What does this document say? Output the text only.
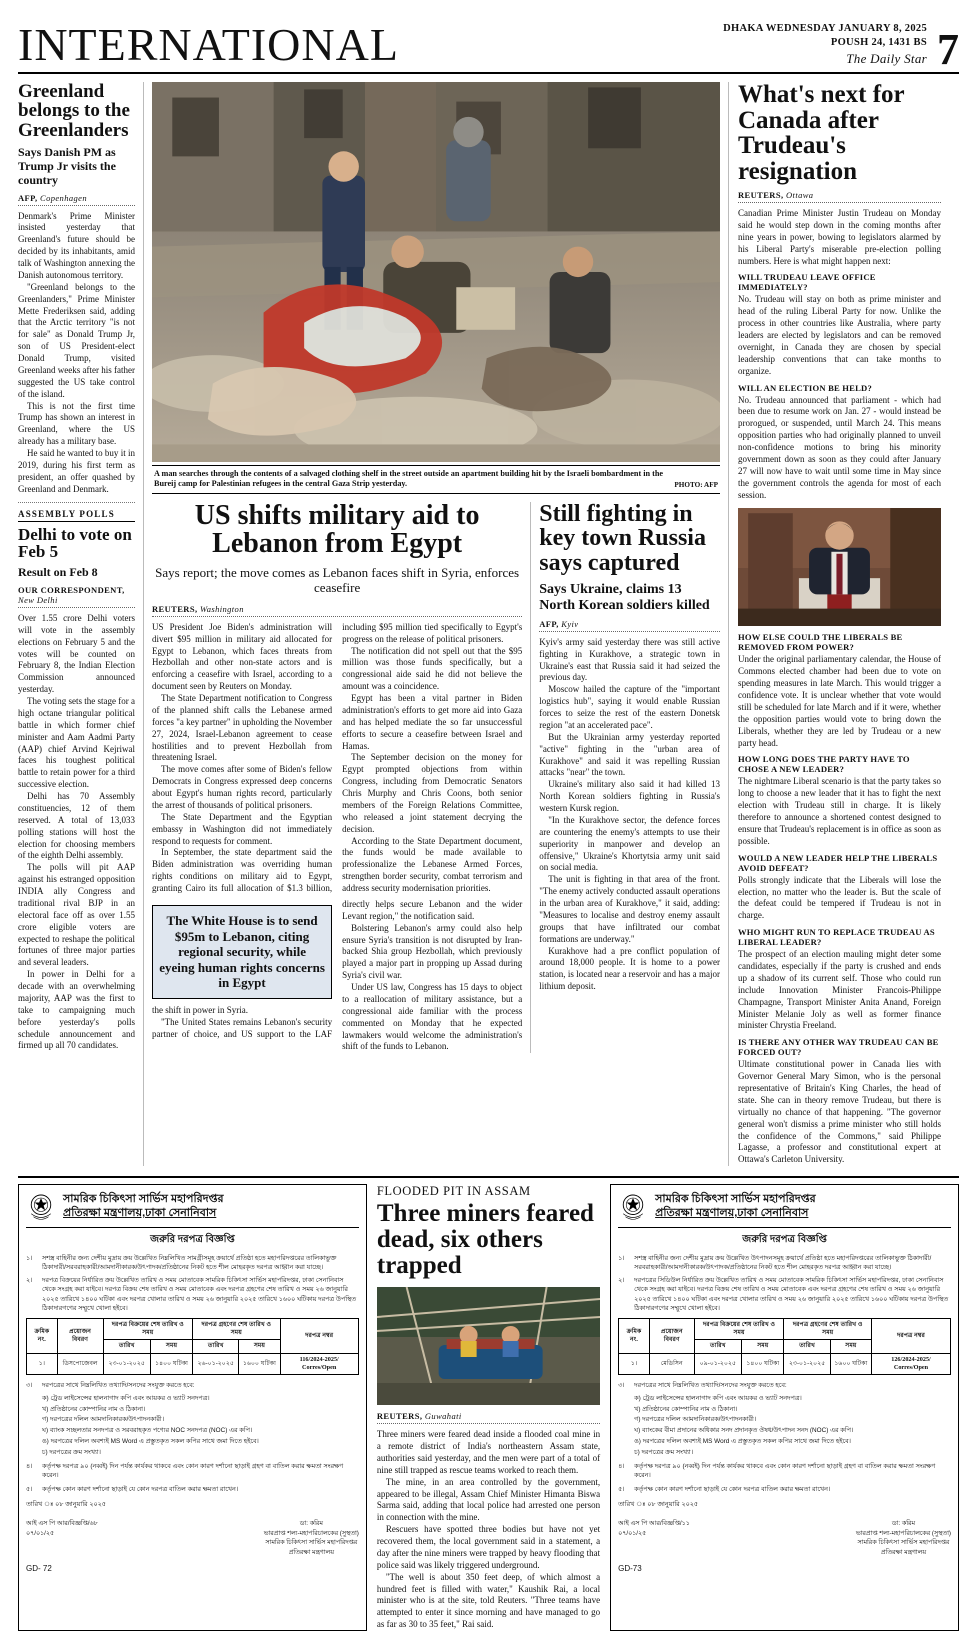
INTERNATIONAL	DHAKA WEDNESDAY JANUARY 8, 2025
POUSH 24, 1431 BS
The Daily Star 7
Greenland belongs to the Greenlanders
Says Danish PM as Trump Jr visits the country
AFP, Copenhagen

Denmark's Prime Minister insisted yesterday that Greenland's future should be decided by its inhabitants, amid talk of Washington annexing the Danish autonomous territory.

"Greenland belongs to the Greenlanders," Prime Minister Mette Frederiksen said, adding that the Arctic territory "is not for sale" as Donald Trump Jr, son of US President-elect Donald Trump, visited Greenland weeks after his father suggested the US take control of the island.

This is not the first time Trump has shown an interest in Greenland, where the US already has a military base.

He said he wanted to buy it in 2019, during his first term as president, an offer quashed by Greenland and Denmark.

ASSEMBLY POLLS
Delhi to vote on Feb 5
Result on Feb 8
OUR CORRESPONDENT, New Delhi

Over 1.55 crore Delhi voters will vote in the assembly elections on February 5 and the votes will be counted on February 8, the Indian Election Commission announced yesterday.

The voting sets the stage for a high octane triangular political battle in which former chief minister and Aam Aadmi Party (AAP) chief Arvind Kejriwal faces his toughest political battle to retain power for a third successive election.

Delhi has 70 Assembly constituencies, 12 of them reserved. A total of 13,033 polling stations will host the election for choosing members of the eighth Delhi assembly.

The polls will pit AAP against his estranged opposition INDIA ally Congress and traditional rival BJP in an electoral face off as over 1.55 crore eligible voters are expected to reshape the political fortunes of three major parties and several leaders.

In power in Delhi for a decade with an overwhelming majority, AAP was the first to take to campaigning much before yesterday's polls schedule announcement and firmed up all 70 candidates.

A man searches through the contents of a salvaged clothing shelf in the street outside an apartment building hit by the Israeli bombardment in the Bureij camp for Palestinian refugees in the central Gaza Strip yesterday.	PHOTO: AFP
US shifts military aid to Lebanon from Egypt
Says report; the move comes as Lebanon faces shift in Syria, enforces ceasefire
REUTERS, Washington

US President Joe Biden's administration will divert $95 million in military aid allocated for Egypt to Lebanon, which faces threats from Hezbollah and other non-state actors and is enforcing a ceasefire with Israel, according to a document seen by Reuters on Monday.

The State Department notification to Congress of the planned shift calls the Lebanese armed forces "a key partner" in upholding the November 27, 2024, Israel-Lebanon agreement to cease hostilities and to prevent Hezbollah from threatening Israel.

The move comes after some of Biden's fellow Democrats in Congress expressed deep concerns about Egypt's human rights record, particularly the arrest of thousands of political prisoners.

The State Department and the Egyptian embassy in Washington did not immediately respond to requests for comment.

In September, the state department said the Biden administration was overriding human rights conditions on military aid to Egypt, granting Cairo its full allocation of $1.3 billion, including $95 million tied specifically to Egypt's progress on the release of political prisoners.

The notification did not spell out that the $95 million was those funds specifically, but a congressional aide said he did not believe the amount was a coincidence.

Egypt has been a vital partner in Biden administration's efforts to get more aid into Gaza and has helped mediate the so far unsuccessful efforts to secure a ceasefire between Israel and Hamas.

The September decision on the money for Egypt prompted objections from within Congress, including from Democratic Senators Chris Murphy and Chris Coons, both senior members of the Foreign Relations Committee, who released a joint statement decrying the decision.

According to the State Department document, the funds would be made available to professionalize the Lebanese Armed Forces, strengthen border security, combat terrorism and address security modernisation priorities.

The White House is to send $95m to Lebanon, citing regional security, while eyeing human rights concerns in Egypt

the shift in power in Syria.

"The United States remains Lebanon's security partner of choice, and US support to the LAF directly helps secure Lebanon and the wider Levant region," the notification said.

Bolstering Lebanon's army could also help ensure Syria's transition is not disrupted by Iran-backed Shia group Hezbollah, which previously played a major part in propping up Assad during Syria's civil war.

Under US law, Congress has 15 days to object to a reallocation of military assistance, but a congressional aide familiar with the process commented on Monday that he expected lawmakers would welcome the administration's shift of the funds to Lebanon.

Still fighting in key town Russia says captured
Says Ukraine, claims 13 North Korean soldiers killed
AFP, Kyiv

Kyiv's army said yesterday there was still active fighting in Kurakhove, a strategic town in Ukraine's east that Russia said it had seized the previous day.

Moscow hailed the capture of the "important logistics hub", saying it would enable Russian forces to seize the rest of the eastern Donetsk region "at an accelerated pace".

But the Ukrainian army yesterday reported "active" fighting in the "urban area of Kurakhove" and said it was repelling Russian attacks "near" the town.

Ukraine's military also said it had killed 13 North Korean soldiers fighting in Russia's western Kursk region.

"In the Kurakhove sector, the defence forces are countering the enemy's attempts to use their superiority in manpower and develop an offensive," Ukraine's Khortytsia army unit said on social media.

The unit is fighting in that area of the front. "The enemy actively conducted assault operations in the urban area of Kurakhove," it said, adding: "Measures to localise and destroy enemy assault groups that have infiltrated our combat formations are underway."

Kurakhove had a pre conflict population of around 18,000 people. It is home to a power station, is located near a reservoir and has a major lithium deposit.

What's next for Canada after Trudeau's resignation
REUTERS, Ottawa

Canadian Prime Minister Justin Trudeau on Monday said he would step down in the coming months after nine years in power, bowing to legislators alarmed by his Liberal Party's miserable pre-election polling numbers. Here is what might happen next:

WILL TRUDEAU LEAVE OFFICE IMMEDIATELY?

No. Trudeau will stay on both as prime minister and head of the ruling Liberal Party for now. Unlike the process in other countries like Australia, where party leaders are elected by legislators and can be removed overnight, in Canada they are chosen by special leadership conventions that can take months to organize.

WILL AN ELECTION BE HELD?

No. Trudeau announced that parliament - which had been due to resume work on Jan. 27 - would instead be prorogued, or suspended, until March 24. This means opposition parties who had originally planned to unveil non-confidence motions to bring his minority government down as soon as they could after January 27 will now have to wait until some time in May since the government controls the agenda for most of each session.

HOW ELSE COULD THE LIBERALS BE REMOVED FROM POWER?

Under the original parliamentary calendar, the House of Commons elected chamber had been due to vote on spending measures in late March. This would trigger a confidence vote. It is unclear whether that vote would still be scheduled for late March and if it were, whether the opposition parties would vote to bring down the Liberals, whether they are led by Trudeau or a new party head.

HOW LONG DOES THE PARTY HAVE TO CHOSE A NEW LEADER?

The nightmare Liberal scenario is that the party takes so long to choose a new leader that it has to fight the next election with Trudeau still in charge. It is likely therefore to announce a shortened contest designed to ensure that Trudeau's replacement is in office as soon as possible.

WOULD A NEW LEADER HELP THE LIBERALS AVOID DEFEAT?

Polls strongly indicate that the Liberals will lose the election, no matter who the leader is. But the scale of the defeat could be tempered if Trudeau is not in charge.

WHO MIGHT RUN TO REPLACE TRUDEAU AS LIBERAL LEADER?

The prospect of an election mauling might deter some candidates, especially if the party is crushed and ends up a shadow of its current self. Those who could run include Innovation Minister Francois-Philippe Champagne, Transport Minister Anita Anand, Foreign Minister Melanie Joly as well as former finance minister Chrystia Freeland.

IS THERE ANY OTHER WAY TRUDEAU CAN BE FORCED OUT?

Ultimate constitutional power in Canada lies with Governor General Mary Simon, who is the personal representative of Britain's King Charles, the head of state. She can in theory remove Trudeau, but there is virtually no chance of that happening. "The governor general won't dismiss a prime minister who still holds the confidence of the Commons," said Philippe Lagasse, a professor and constitutional expert at Ottawa's Carleton University.

সামরিক চিকিৎসা সার্ভিস মহাপরিদপ্তর
প্রতিরক্ষা মন্ত্রণালয়,ঢাকা সেনানিবাস
জরুরি দরপত্র বিজ্ঞপ্তি
১।	সশস্ত্র বাহিনীর জন্য দেশীয় মুদ্রায় ক্রয় উল্লেখিত নিম্নলিখিত সামগ্রীসমূহ ক্রয়ার্থে প্রতিষ্ঠা হতে মহাপরিদপ্তরের তালিকাভুক্ত ঠিকাদারী/সরবরাহকারী/আমদানীকারক/উৎপাদক/প্রতিষ্ঠানের নিকট হতে শীল মোহরকৃত দরপত্র আহ্বান করা যাচ্ছে।
২।	দরপত্র বিক্রয়ের নির্ধারিত ক্রয় উল্লেখিত তারিখ ও সময় মোতাবেক সামরিক চিকিৎসা সার্ভিস মহাপরিদপ্তর, ঢাকা সেনানিবাস থেকে সংগ্রহ করা যাইবে। দরপত্র বিক্রয় শেষ তারিখ ও সময় মোতাবেক এবং দরপত্র গ্রহণের শেষ তারিখ ও সময় ২৬ জানুয়ারি ২০২৫ তারিখে ১৪০০ ঘটিকা এবং দরপত্র খোলার তারিখ ও সময় ২৬ জানুয়ারি ২০২৫ তারিখে ১৬০০ ঘটিকায় দরপত্র উপস্থিত ঠিকাদারগণের সম্মুখে খোলা হইবে।
ক্রমিক নং.	প্রয়োজন বিবরণ	দরপত্র বিক্রয়ের শেষ তারিখ ও সময়		দরপত্র গ্রহণের শেষ তারিখ ও সময়		দরপত্র নম্বর
		তারিখ	সময়	তারিখ	সময়	
১।	ডিসপোজেবল	২৩-০১-২০২৫	১৪০০ ঘটিকা	২৬-০১-২০২৫	১৬০০ ঘটিকা	116/2024-2025/ Corres/Open
৩।	দরপত্রের সাথে নিম্নলিখিত তথ্যাদি/সনদের সংযুক্ত করতে হবে:
ক) ট্রেড লাইসেন্সের হালনাগাদ কপি এবং আয়কর ও ভ্যাট সনদপত্র।
খ) প্রতিষ্ঠানের কোম্পানির নাম ও ঠিকানা।
গ) দরপত্রের দলিল আমদানিকারক/উৎপাদনকারী।
ঘ) ব্যাংক সচ্ছলতার সনদপত্র ও সরবরাহকৃত পণ্যের NOC সনদপত্র (NOC) এর কপি।
ঙ) দরপত্রের দলিল অবশ্যই MS Word এ প্রস্তুতকৃত সকল কপির সাথে জমা দিতে হইবে।
চ) দরপত্রের ক্রম সংখ্যা।
৪।	কর্তৃপক্ষ দরপত্র ৯০ (নব্বই) দিন পর্যন্ত কার্যকর থাকবে এবং কোন কারণ দর্শানো ছাড়াই গ্রহণ বা বাতিল করার ক্ষমতা সংরক্ষণ করেন।
৫।	কর্তৃপক্ষ কোন কারণ দর্শানো ছাড়াই যে কোন দরপত্র বাতিল করার ক্ষমতা রাখেন।
তারিখ ঃ ০৮ জানুয়ারি ২০২৫
আই এস পি আর/বিজ্ঞপ্তি/৬৮
০৭/০১/২৫
ডা: করিম
ভারপ্রাপ্ত শল্য-মহাপরিচালকের (সুস্থতা)
সামরিক চিকিৎসা সার্ভিস মহাপরিদপ্তর
প্রতিরক্ষা মন্ত্রণালয়
GD- 72
FLOODED PIT IN ASSAM
Three miners feared dead, six others trapped
REUTERS, Guwahati

Three miners were feared dead inside a flooded coal mine in a remote district of India's northeastern Assam state, authorities said yesterday, and the men were part of a total of nine still trapped as rescue teams worked to reach them.

The mine, in an area controlled by the government, appeared to be illegal, Assam Chief Minister Himanta Biswa Sarma said, adding that local police had arrested one person in connection with the mine.

Rescuers have spotted three bodies but have not yet recovered them, the local government said in a statement, a day after the nine miners were trapped by heavy flooding that police said was likely triggered underground.

"The well is about 350 feet deep, of which almost a hundred feet is filled with water," Kaushik Rai, a local minister who is at the site, told Reuters. "Three teams have attempted to enter it since morning and have managed to go as far as 30 to 35 feet," Rai said.

সামরিক চিকিৎসা সার্ভিস মহাপরিদপ্তর
প্রতিরক্ষা মন্ত্রণালয়,ঢাকা সেনানিবাস
জরুরি দরপত্র বিজ্ঞপ্তি
১।	সশস্ত্র বাহিনীর জন্য দেশীয় মুদ্রায় ক্রয় উল্লেখিত উৎপাদনসমূহ ক্রয়ার্থে প্রতিষ্ঠা হতে মহাপরিদপ্তরের তালিকাভুক্ত ঠিকাদারী/সরবরাহকারী/আমদানীকারক/উৎপাদক/প্রতিষ্ঠানের নিকট হতে শীল মোহরকৃত দরপত্র আহ্বান করা যাচ্ছে।
২।	দরপত্রের সিডিউল নির্ধারিত ক্রয় উল্লেখিত তারিখ ও সময় মোতাবেক সামরিক চিকিৎসা সার্ভিস মহাপরিদপ্তর, ঢাকা সেনানিবাস থেকে সংগ্রহ করা যাইবে। দরপত্র বিক্রয় শেষ তারিখ ও সময় মোতাবেক এবং দরপত্র গ্রহণের শেষ তারিখ ও সময় ২৬ জানুয়ারি ২০২৫ তারিখে ১৪০০ ঘটিকা এবং দরপত্র খোলার তারিখ ও সময় ২৬ জানুয়ারি ২০২৫ তারিখে ১৬০০ ঘটিকায় দরপত্র উপস্থিত ঠিকাদারগণের সম্মুখে খোলা হইবে।
ক্রমিক নং.	প্রয়োজন বিবরণ	দরপত্র বিক্রয়ের শেষ তারিখ ও সময়		দরপত্র গ্রহণের শেষ তারিখ ও সময়		দরপত্র নম্বর
		তারিখ	সময়	তারিখ	সময়	
১।	মেডিসিন	০৯-০১-২০২৫	১৪০০ ঘটিকা	২৩-০১-২০২৫	১৬০০ ঘটিকা	126/2024-2025/ Corres/Open
৩।	দরপত্রের সাথে নিম্নলিখিত তথ্যাদি/সনদের সংযুক্ত করতে হবে:
ক) ট্রেড লাইসেন্সের হালনাগাদ কপি এবং আয়কর ও ভ্যাট সনদপত্র।
খ) প্রতিষ্ঠানের কোম্পানির নাম ও ঠিকানা।
গ) দরপত্রের দলিল আমদানিকারক/উৎপাদনকারী।
ঘ) ব্যাংকের বীমা প্রদানের অধিকার সনদ প্রদানকৃত ঔষধ/উৎপাদন সনদ (NOC) এর কপি।
ঙ) দরপত্রের দলিল অবশ্যই MS Word এ প্রস্তুতকৃত সকল কপির সাথে জমা দিতে হইবে।
চ) দরপত্রের ক্রম সংখ্যা।
৪।	কর্তৃপক্ষ দরপত্র ৯০ (নব্বই) দিন পর্যন্ত কার্যকর থাকবে এবং কোন কারণ দর্শানো ছাড়াই গ্রহণ বা বাতিল করার ক্ষমতা সংরক্ষণ করেন।
৫।	কর্তৃপক্ষ কোন কারণ দর্শানো ছাড়াই যে কোন দরপত্র বাতিল করার ক্ষমতা রাখেন।
তারিখ ঃ ০৮ জানুয়ারি ২০২৫
আই এস পি আর/বিজ্ঞপ্তি/১১
০৭/০১/২৫
ডা: করিম
ভারপ্রাপ্ত শল্য-মহাপরিচালকের (সুস্থতা)
সামরিক চিকিৎসা সার্ভিস মহাপরিদপ্তর
প্রতিরক্ষা মন্ত্রণালয়
GD-73
